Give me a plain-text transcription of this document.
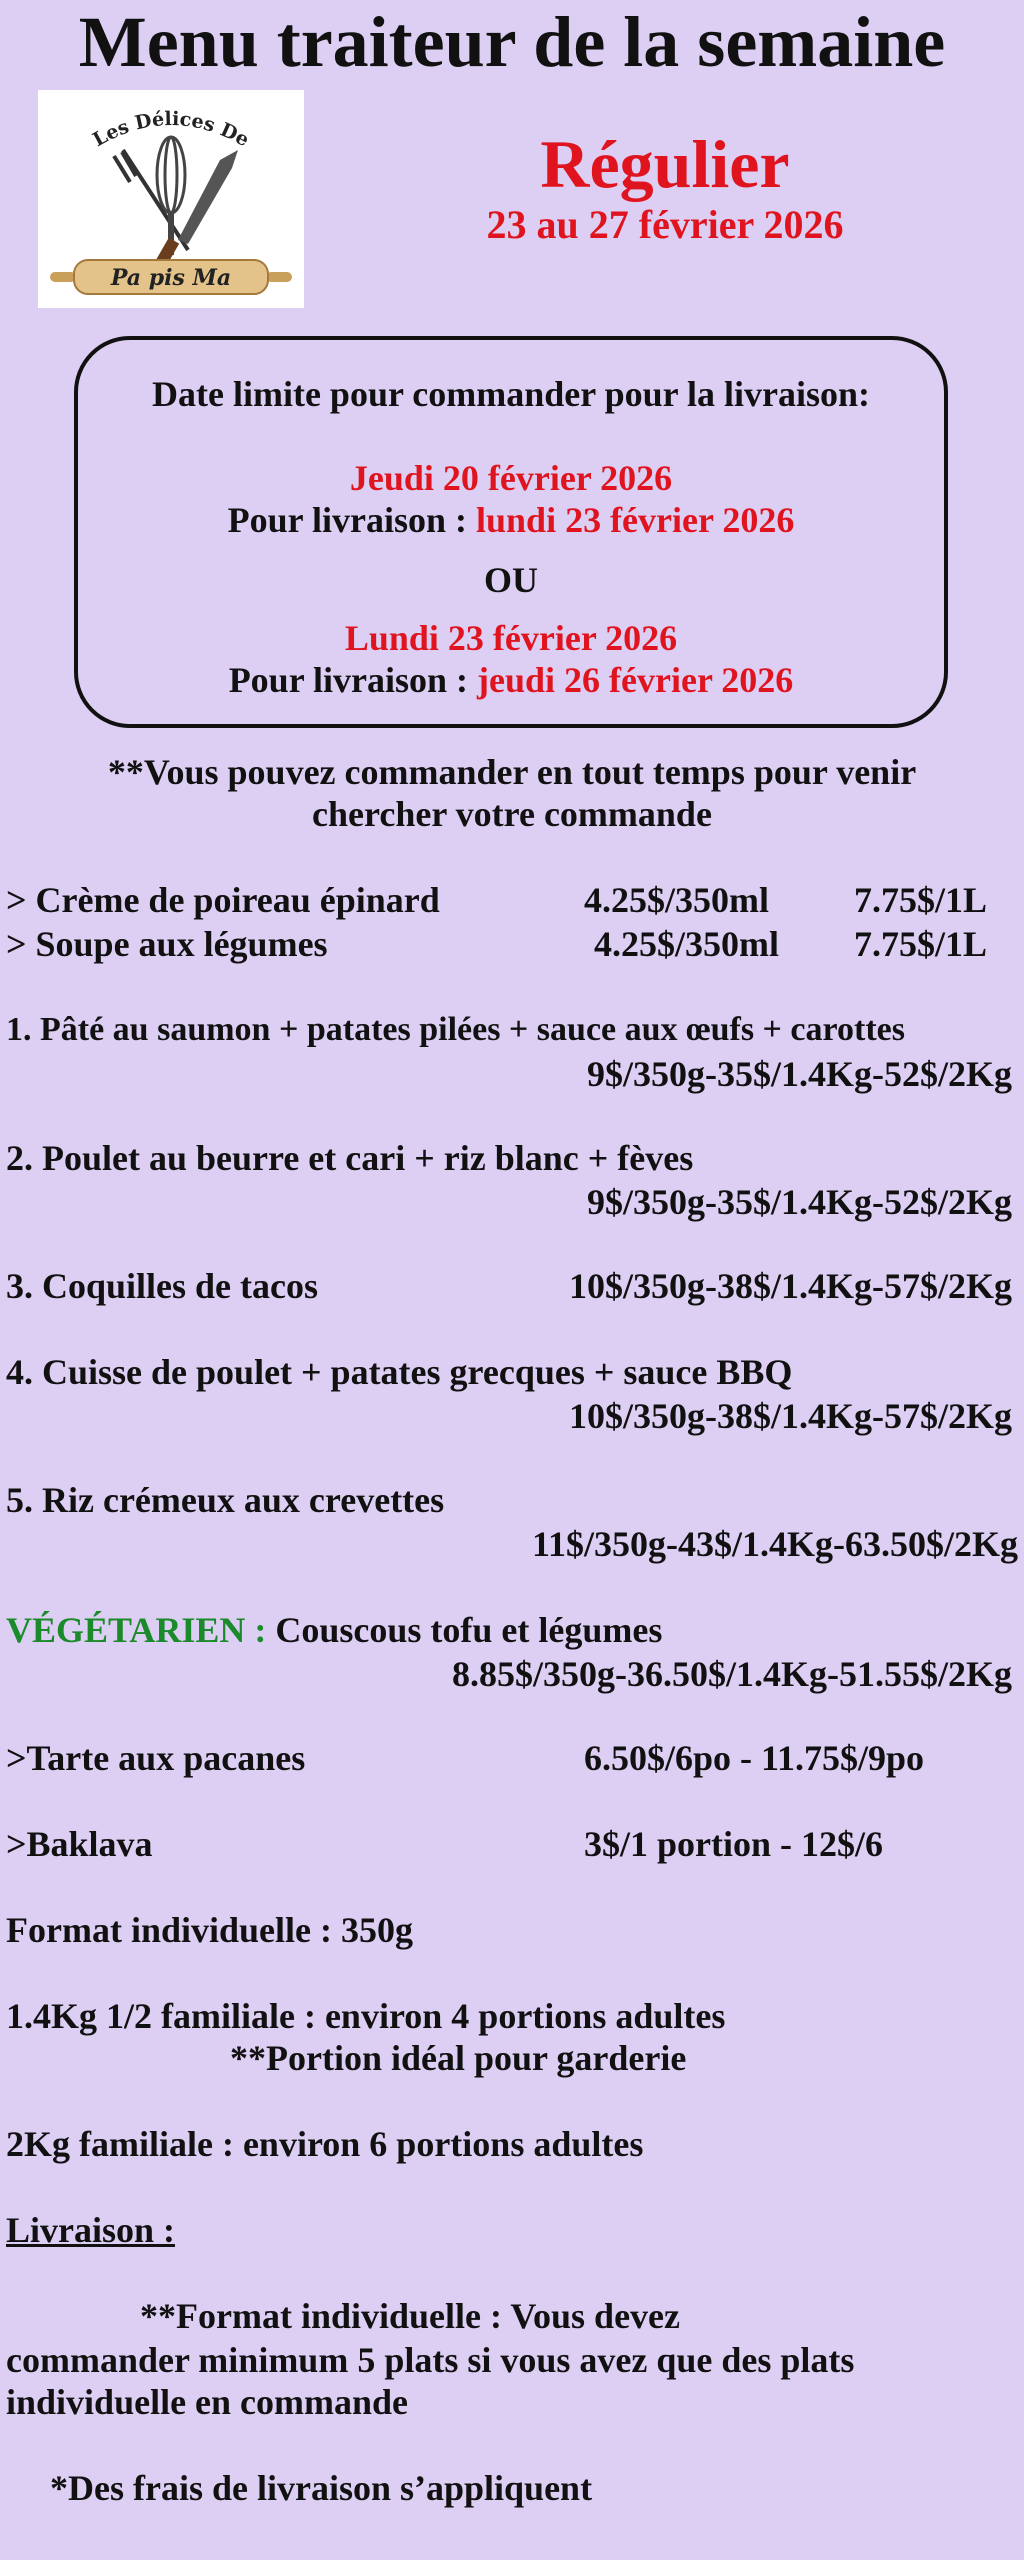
Menu traiteur de la semaine
Les Délices De
Pa pis Ma
Régulier
23 au 27 février 2026
Date limite pour commander pour la livraison:
Jeudi 20 février 2026
Pour livraison : lundi 23 février 2026
OU
Lundi 23 février 2026
Pour livraison : jeudi 26 février 2026
**Vous pouvez commander en tout temps pour venir
chercher votre commande
> Crème de poireau épinard	4.25$/350ml 7.75$/1L
> Soupe aux légumes	4.25$/350ml 7.75$/1L
1. Pâté au saumon + patates pilées + sauce aux œufs + carottes
9$/350g-35$/1.4Kg-52$/2Kg
2. Poulet au beurre et cari + riz blanc + fèves
9$/350g-35$/1.4Kg-52$/2Kg
3. Coquilles de tacos	10$/350g-38$/1.4Kg-57$/2Kg
4. Cuisse de poulet + patates grecques + sauce BBQ
10$/350g-38$/1.4Kg-57$/2Kg
5. Riz crémeux aux crevettes
11$/350g-43$/1.4Kg-63.50$/2Kg
VÉGÉTARIEN : Couscous tofu et légumes
8.85$/350g-36.50$/1.4Kg-51.55$/2Kg
>Tarte aux pacanes	6.50$/6po - 11.75$/9po
>Baklava	3$/1 portion - 12$/6
Format individuelle : 350g
1.4Kg 1/2 familiale : environ 4 portions adultes
**Portion idéal pour garderie
2Kg familiale : environ 6 portions adultes
Livraison :
**Format individuelle : Vous devez
commander minimum 5 plats si vous avez que des plats
individuelle en commande
*Des frais de livraison s’appliquent
